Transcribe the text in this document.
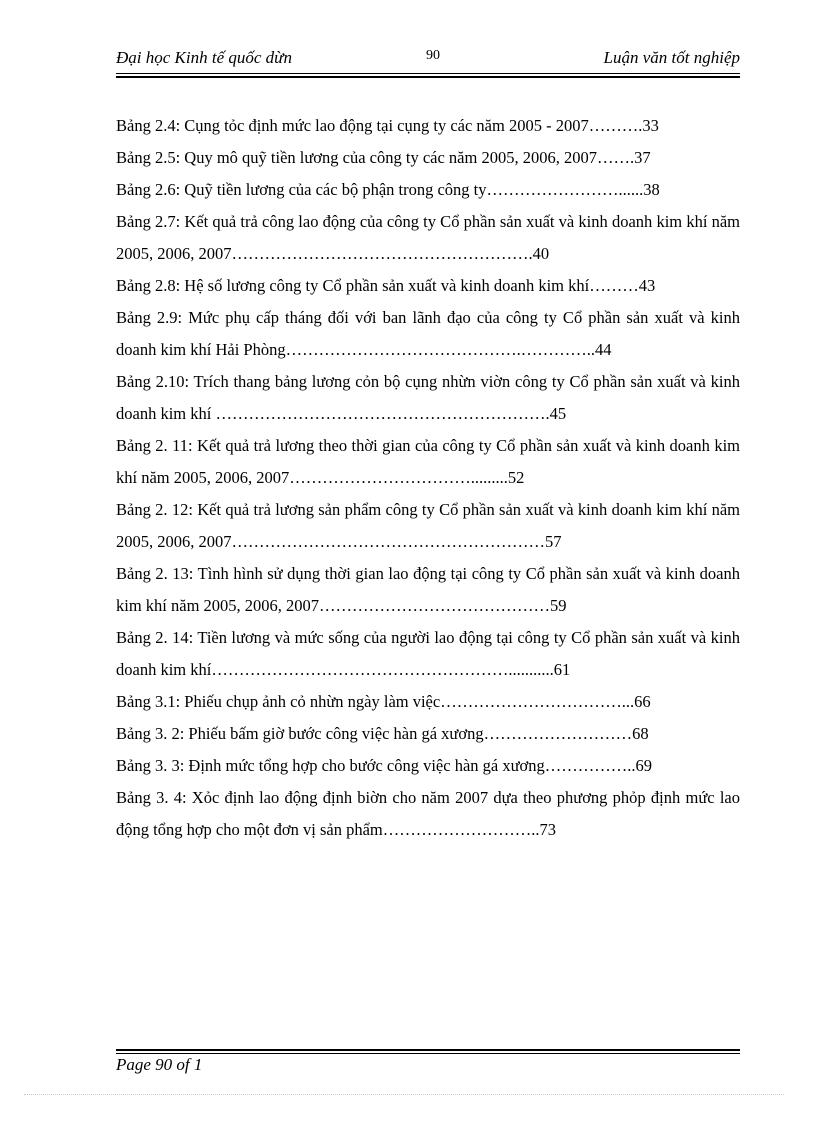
Đại học Kinh tế quốc dừn	90	Luận văn tốt nghiệp
Bảng 2.4: Cụng tỏc định mức lao động tại cụng ty các năm 2005 - 2007……….33
Bảng 2.5: Quy mô quỹ tiền lương của công ty các năm 2005, 2006, 2007…….37
Bảng 2.6: Quỹ tiền lương của các bộ phận trong công ty……………………......38
Bảng 2.7: Kết quả trả công lao động của công ty Cổ phần sản xuất và kinh doanh kim khí năm 2005, 2006, 2007……………………………………………….40
Bảng 2.8: Hệ số lương công ty Cổ phần sản xuất và kinh doanh kim khí………43
Bảng 2.9: Mức phụ cấp tháng đối với ban lãnh đạo của công ty Cổ phần sản xuất và kinh doanh kim khí Hải Phòng…………………………………….…………..44
Bảng 2.10: Trích thang bảng lương cỏn bộ cụng nhừn viờn công ty Cổ phần sản xuất và kinh doanh kim khí …………………………………………………….45
Bảng 2. 11: Kết quả trả lương theo thời gian của công ty Cổ phần sản xuất và kinh doanh kim khí năm 2005, 2006, 2007…………………………….........52
Bảng 2. 12: Kết quả trả lương sản phẩm công ty Cổ phần sản xuất và kinh doanh kim khí năm 2005, 2006, 2007…………………………………………………57
Bảng 2. 13: Tình hình sử dụng thời gian lao động tại công ty Cổ phần sản xuất và kinh doanh kim khí năm 2005, 2006, 2007……………………………………59
Bảng 2. 14: Tiền lương và mức sống của người lao động tại công ty Cổ phần sản xuất và kinh doanh kim khí………………………………………………...........61
Bảng 3.1: Phiếu chụp ảnh cỏ nhừn ngày làm việc……………………………...66
Bảng 3. 2: Phiếu bấm giờ bước công việc hàn gá xương………………………68
Bảng 3. 3: Định mức tổng hợp cho bước công việc hàn gá xương……………..69
Bảng 3. 4: Xỏc định lao động định biờn cho năm 2007 dựa theo phương phỏp định mức lao động tổng hợp cho một đơn vị sản phẩm………………………..73
Page 90 of 1
